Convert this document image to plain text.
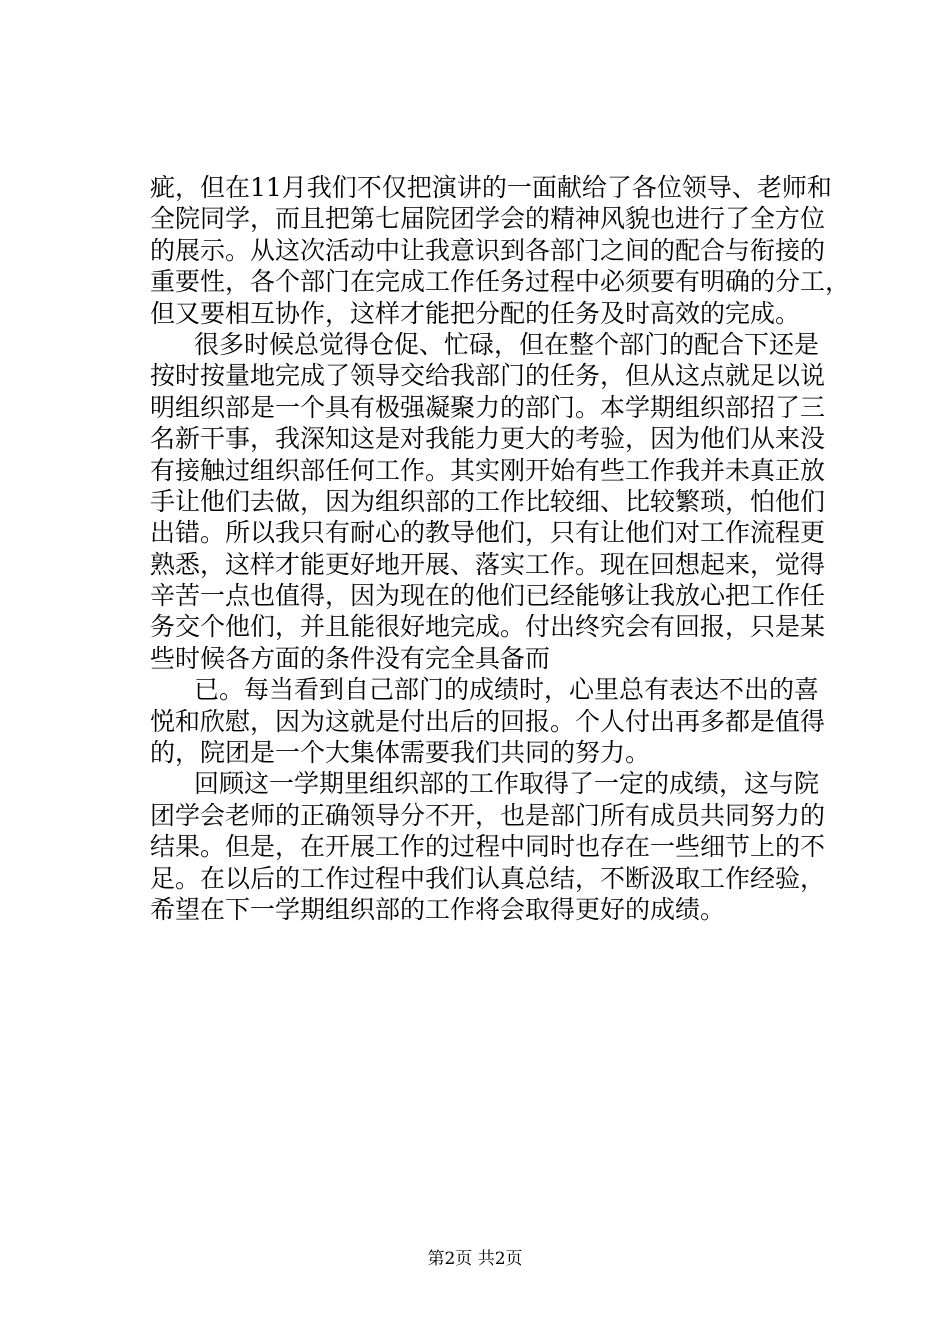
疵，但在11月我们不仅把演讲的一面献给了各位领导、老师和
全院同学，而且把第七届院团学会的精神风貌也进行了全方位
的展示。从这次活动中让我意识到各部门之间的配合与衔接的
重要性，各个部门在完成工作任务过程中必须要有明确的分工，
但又要相互协作，这样才能把分配的任务及时高效的完成。
很多时候总觉得仓促、忙碌，但在整个部门的配合下还是
按时按量地完成了领导交给我部门的任务，但从这点就足以说
明组织部是一个具有极强凝聚力的部门。本学期组织部招了三
名新干事，我深知这是对我能力更大的考验，因为他们从来没
有接触过组织部任何工作。其实刚开始有些工作我并未真正放
手让他们去做，因为组织部的工作比较细、比较繁琐，怕他们
出错。所以我只有耐心的教导他们，只有让他们对工作流程更
熟悉，这样才能更好地开展、落实工作。现在回想起来，觉得
辛苦一点也值得，因为现在的他们已经能够让我放心把工作任
务交个他们，并且能很好地完成。付出终究会有回报，只是某
些时候各方面的条件没有完全具备而
已。每当看到自己部门的成绩时，心里总有表达不出的喜
悦和欣慰，因为这就是付出后的回报。个人付出再多都是值得
的，院团是一个大集体需要我们共同的努力。
回顾这一学期里组织部的工作取得了一定的成绩，这与院
团学会老师的正确领导分不开，也是部门所有成员共同努力的
结果。但是，在开展工作的过程中同时也存在一些细节上的不
足。在以后的工作过程中我们认真总结，不断汲取工作经验，
希望在下一学期组织部的工作将会取得更好的成绩。
第2页 共2页
